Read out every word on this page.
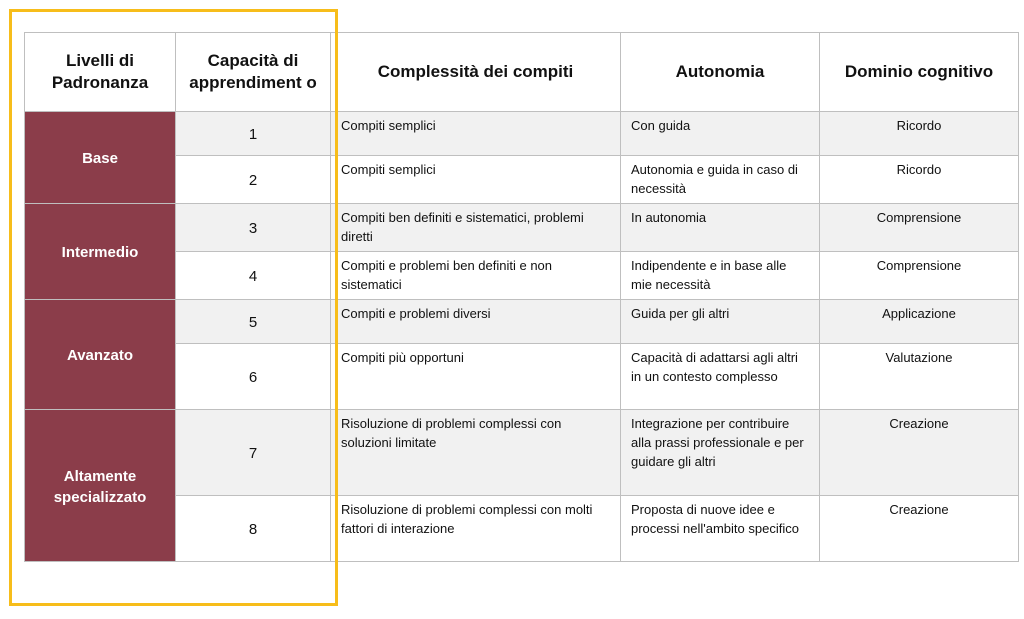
Livelli di Padronanza	Capacità di apprendiment o	Complessità dei compiti	Autonomia	Dominio cognitivo
Base	1	Compiti semplici	Con guida	Ricordo
	2	Compiti semplici	Autonomia e guida in caso di necessità	Ricordo
Intermedio	3	Compiti ben definiti e sistematici, problemi diretti	In autonomia	Comprensione
	4	Compiti e problemi ben definiti e non sistematici	Indipendente e in base alle mie necessità	Comprensione
Avanzato	5	Compiti e problemi diversi	Guida per gli altri	Applicazione
	6	Compiti più opportuni	Capacità di adattarsi agli altri in un contesto complesso	Valutazione
Altamente specializzato	7	Risoluzione di problemi complessi con soluzioni limitate	Integrazione per contribuire alla prassi professionale e per guidare gli altri	Creazione
	8	Risoluzione di problemi complessi con molti fattori di interazione	Proposta di nuove idee e processi nell'ambito specifico	Creazione
